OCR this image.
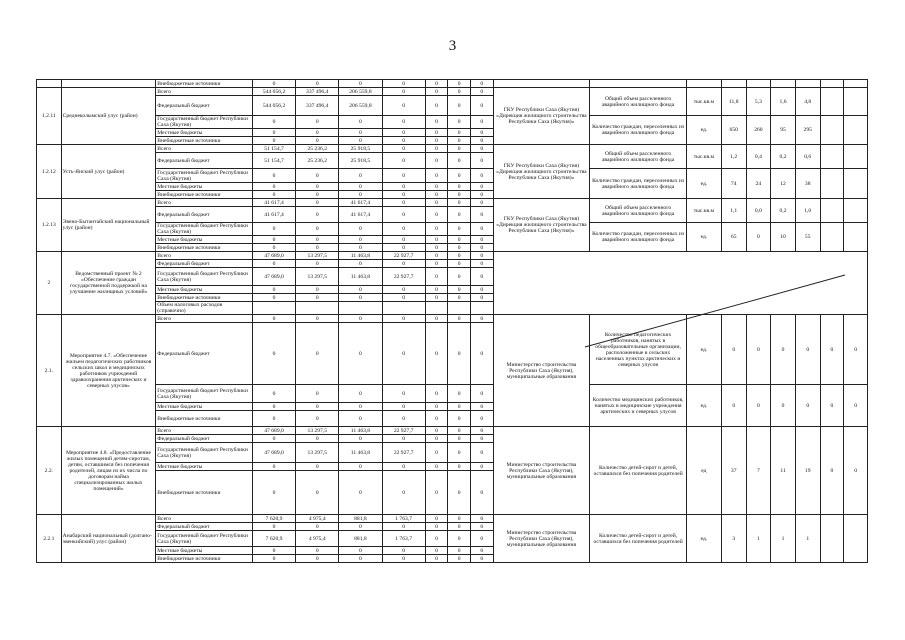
3
		Внебюджетные источники	0	0	0	0	0	0	0									
1.2.11	Среднеколымский улус (район)	Всего	544 056,2	337 496,4	206 559,8	0	0	0	0	ГКУ Республики Саха (Якутия) «Дирекция жилищного строительства Республики Саха (Якутия)»	Общий объем расселенного аварийного жилищного фонда	тыс.кв.м	11,8	5,3	1,6	4,8		
		Федеральный бюджет	544 056,2	337 496,4	206 559,8	0	0	0	0									
		Государственный бюджет Республики Саха (Якутия)	0	0	0	0	0	0	0		Количество граждан, переселенных из аварийного жилищного фонда	ед.	650	260	95	295		
		Местные бюджеты	0	0	0	0	0	0	0									
		Внебюджетные источники	0	0	0	0	0	0	0									
1.2.12	Усть-Янский улус (район)	Всего	51 154,7	25 236,2	25 918,5	0	0	0	0	ГКУ Республики Саха (Якутия) «Дирекция жилищного строительства Республики Саха (Якутия)»	Общий объем расселенного аварийного жилищного фонда	тыс.кв.м	1,2	0,4	0,2	0,6		
		Федеральный бюджет	51 154,7	25 236,2	25 918,5	0	0	0	0									
		Государственный бюджет Республики Саха (Якутия)	0	0	0	0	0	0	0		Количество граждан, переселенных из аварийного жилищного фонда	ед.	74	24	12	38		
		Местные бюджеты	0	0	0	0	0	0	0									
		Внебюджетные источники	0	0	0	0	0	0	0									
1.2.13	Эвено-Бытантайский национальный улус (район)	Всего	41 617,4	0	41 617,4	0	0	0	0	ГКУ Республики Саха (Якутия) «Дирекция жилищного строительства Республики Саха (Якутия)»	Общий объем расселенного аварийного жилищного фонда	тыс.кв.м	1,1	0,0	0,2	1,0		
		Федеральный бюджет	41 617,4	0	41 617,4	0	0	0	0									
		Государственный бюджет Республики Саха (Якутия)	0	0	0	0	0	0	0		Количество граждан, переселенных из аварийного жилищного фонда	ед.	65	0	10	55		
		Местные бюджеты	0	0	0	0	0	0	0									
		Внебюджетные источники	0	0	0	0	0	0	0									
2	Ведомственный проект № 2 «Обеспечение граждан государственной поддержкой на улучшение жилищных условий»	Всего	47 689,0	13 297,5	11 463,8	22 927,7	0	0	0									
		Федеральный бюджет	0	0	0	0	0	0	0									
		Государственный бюджет Республики Саха (Якутия)	47 689,0	13 297,5	11 463,8	22 927,7	0	0	0									
		Местные бюджеты	0	0	0	0	0	0	0									
		Внебюджетные источники	0	0	0	0	0	0	0									
		Объем налоговых расходов (справочно)																
2.1.	Мероприятие 4.7. «Обеспечение жильем педагогических работников сельских школ и медицинских работников учреждений здравоохранения арктических и северных улусов»	Всего	0	0	0	0	0	0	0	Министерство строительства Республики Саха (Якутия), муниципальные образования	Количество педагогических работников, нанятых в общеобразовательные организации, расположенные в сельских населенных пунктах арктических и северных улусов	ед.	0	0	0	0	0	0
		Федеральный бюджет	0	0	0	0	0	0	0									
		Государственный бюджет Республики Саха (Якутия)	0	0	0	0	0	0	0		Количество медицинских работников, нанятых в медицинские учреждения арктических и северных улусов	ед.	0	0	0	0	0	0
		Местные бюджеты	0	0	0	0	0	0	0									
		Внебюджетные источники	0	0	0	0	0	0	0									
2.2.	Мероприятие 4.8. «Предоставление жилых помещений детям-сиротам, детям, оставшимся без попечения родителей, лицам из их числа по договорам найма специализированных жилых помещений»	Всего	47 689,0	13 297,5	11 463,8	22 927,7	0	0	0	Министерство строительства Республики Саха (Якутия), муниципальные образования	Количество детей-сирот и детей, оставшихся без попечения родителей	ед	37	7	11	19	0	0
		Федеральный бюджет	0	0	0	0	0	0	0									
		Государственный бюджет Республики Саха (Якутия)	47 689,0	13 297,5	11 463,8	22 927,7	0	0	0									
		Местные бюджеты	0	0	0	0	0	0	0									
		Внебюджетные источники	0	0	0	0	0	0	0									
2.2.1	Анабарский национальный (долгано-эвенкийский) улус (район)	Всего	7 620,9	4 975,4	881,8	1 763,7	0	0	0	Министерство строительства Республики Саха (Якутия), муниципальные образования	Количество детей-сирот и детей, оставшихся без попечения родителей	ед.	3	1	1	1		
		Федеральный бюджет	0	0	0	0	0	0	0									
		Государственный бюджет Республики Саха (Якутия)	7 620,9	4 975,4	881,8	1 763,7	0	0	0									
		Местные бюджеты	0	0	0	0	0	0	0									
		Внебюджетные источники	0	0	0	0	0	0	0									
